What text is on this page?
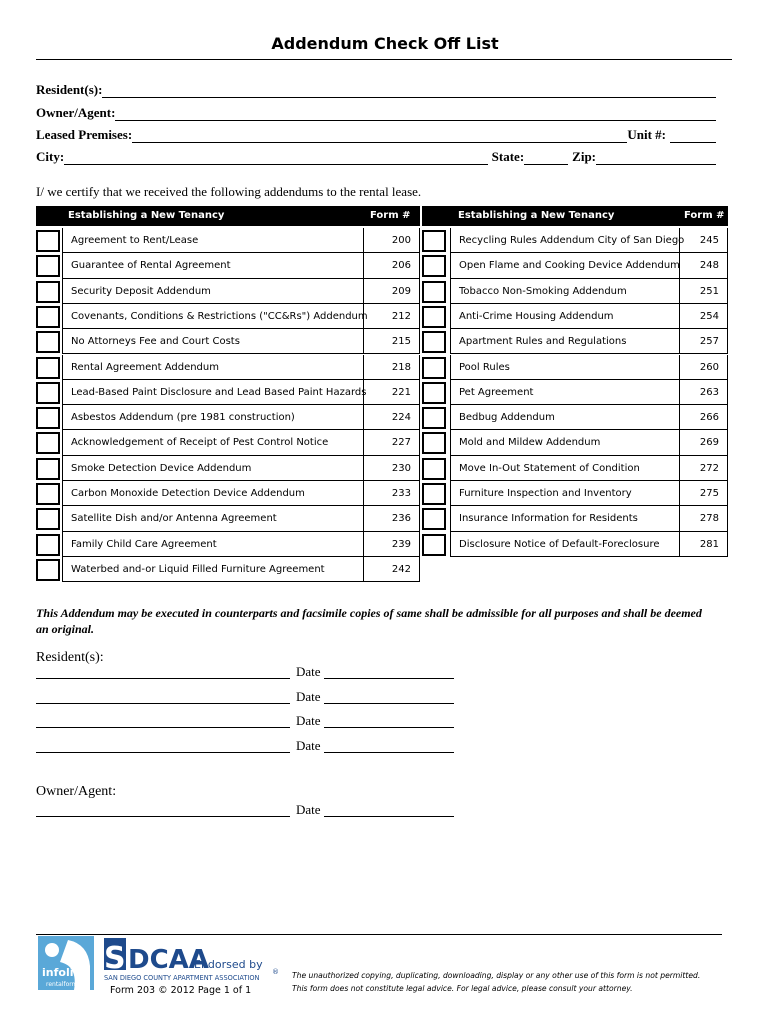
Addendum Check Off List
Resident(s):
Owner/Agent:
Leased Premises:	Unit #:
City:	State:	Zip:
I/ we certify that we received the following addendums to the rental lease.
Establishing a New Tenancy	Form #	Establishing a New Tenancy	Form #
Agreement to Rent/Lease	200
Guarantee of Rental Agreement	206
Security Deposit Addendum	209
Covenants, Conditions & Restrictions ("CC&Rs") Addendum	212
No Attorneys Fee and Court Costs	215
Rental Agreement Addendum	218
Lead-Based Paint Disclosure and Lead Based Paint Hazards	221
Asbestos Addendum (pre 1981 construction)	224
Acknowledgement of Receipt of Pest Control Notice	227
Smoke Detection Device Addendum	230
Carbon Monoxide Detection Device Addendum	233
Satellite Dish and/or Antenna Agreement	236
Family Child Care Agreement	239
Waterbed and-or Liquid Filled Furniture Agreement	242
Recycling Rules Addendum City of San Diego	245
Open Flame and Cooking Device Addendum	248
Tobacco Non-Smoking Addendum	251
Anti-Crime Housing Addendum	254
Apartment Rules and Regulations	257
Pool Rules	260
Pet Agreement	263
Bedbug Addendum	266
Mold and Mildew Addendum	269
Move In-Out Statement of Condition	272
Furniture Inspection and Inventory	275
Insurance Information for Residents	278
Disclosure Notice of Default-Foreclosure	281
This Addendum may be executed in counterparts and facsimile copies of same shall be admissible for all purposes and shall be deemed an original.
Resident(s):
Date
Date
Date
Date
Owner/Agent:
Date
infolink
rentalforms
S DCAA
Endorsed by
SAN DIEGO COUNTY APARTMENT ASSOCIATION
®
Form 203 © 2012 Page 1 of 1
The unauthorized copying, duplicating, downloading, display or any other use of this form is not permitted.
This form does not constitute legal advice. For legal advice, please consult your attorney.
